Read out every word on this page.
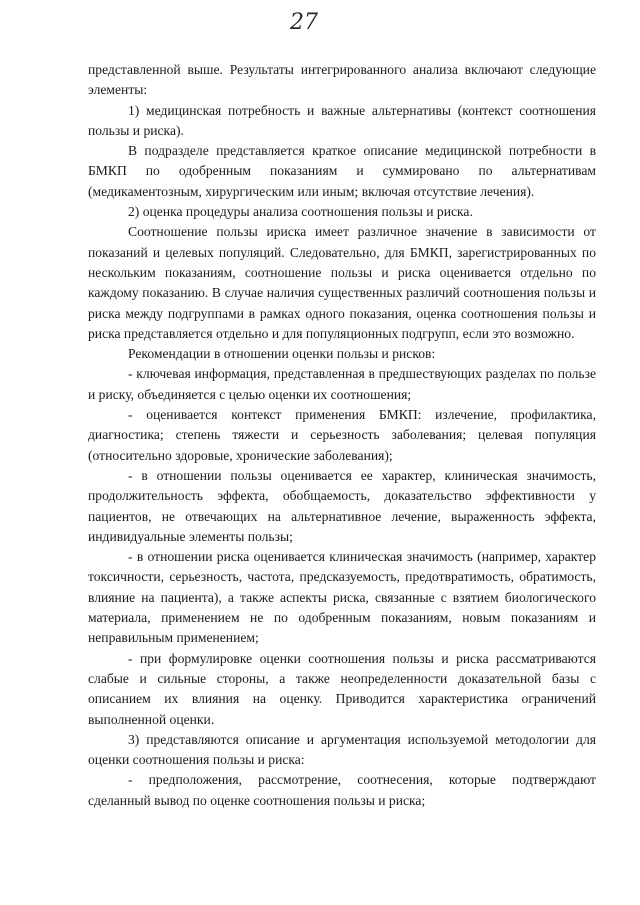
27

представленной выше. Результаты интегрированного анализа включают следующие элементы:

1) медицинская потребность и важные альтернативы (контекст соотношения пользы и риска).

В подразделе представляется краткое описание медицинской потребности в БМКП по одобренным показаниям и суммировано по альтернативам (медикаментозным, хирургическим или иным; включая отсутствие лечения).

2) оценка процедуры анализа соотношения пользы и риска.

Соотношение пользы ириска имеет различное значение в зависимости от показаний и целевых популяций. Следовательно, для БМКП, зарегистрированных по нескольким показаниям, соотношение пользы и риска оценивается отдельно по каждому показанию. В случае наличия существенных различий соотношения пользы и риска между подгруппами в рамках одного показания, оценка соотношения пользы и риска представляется отдельно и для популяционных подгрупп, если это возможно.

Рекомендации в отношении оценки пользы и рисков:

- ключевая информация, представленная в предшествующих разделах по пользе и риску, объединяется с целью оценки их соотношения;

- оценивается контекст применения БМКП: излечение, профилактика, диагностика; степень тяжести и серьезность заболевания; целевая популяция (относительно здоровые, хронические заболевания);

- в отношении пользы оценивается ее характер, клиническая значимость, продолжительность эффекта, обобщаемость, доказательство эффективности у пациентов, не отвечающих на альтернативное лечение, выраженность эффекта, индивидуальные элементы пользы;

- в отношении риска оценивается клиническая значимость (например, характер токсичности, серьезность, частота, предсказуемость, предотвратимость, обратимость, влияние на пациента), а также аспекты риска, связанные с взятием биологического материала, применением не по одобренным показаниям, новым показаниям и неправильным применением;

- при формулировке оценки соотношения пользы и риска рассматриваются слабые и сильные стороны, а также неопределенности доказательной базы с описанием их влияния на оценку. Приводится характеристика ограничений выполненной оценки.

3) представляются описание и аргументация используемой методологии для оценки соотношения пользы и риска:

- предположения, рассмотрение, соотнесения, которые подтверждают сделанный вывод по оценке соотношения пользы и риска;
